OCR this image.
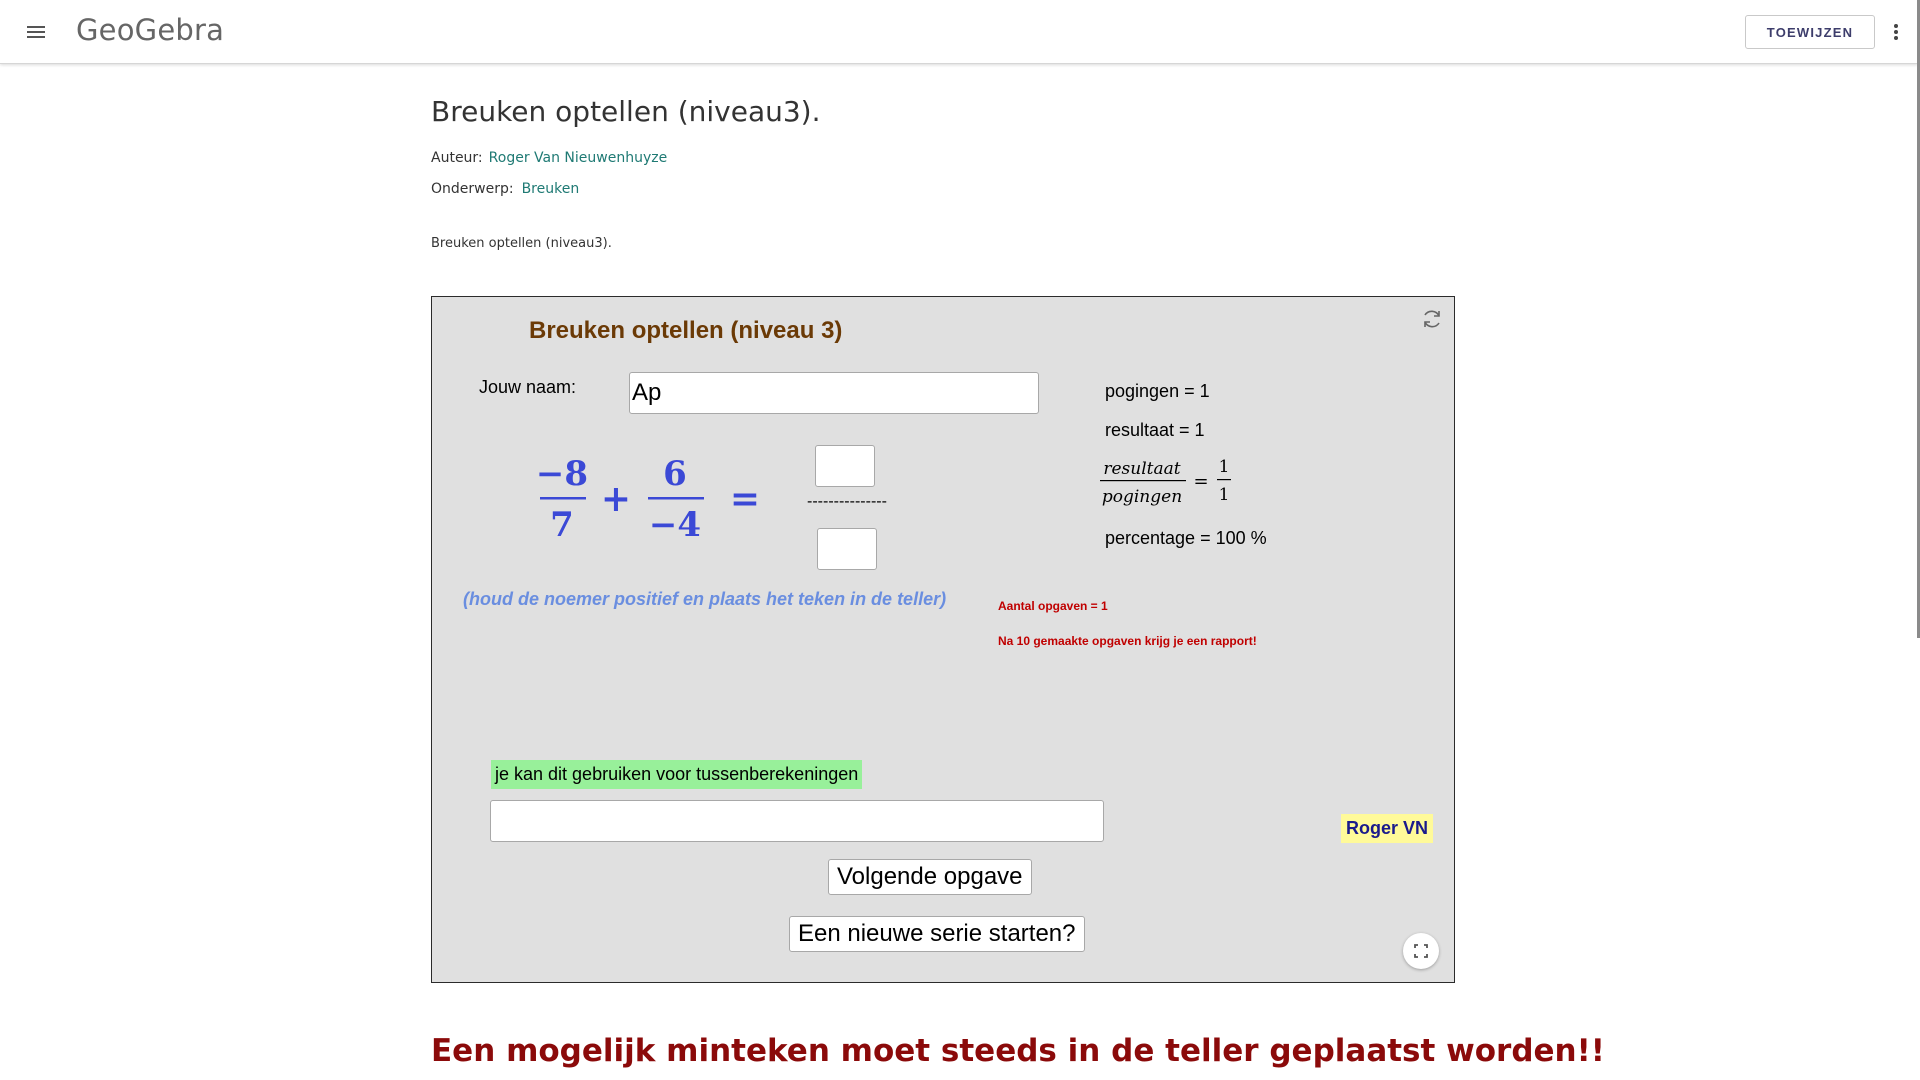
GeoGebra	TOEWIJZEN
Breuken optellen (niveau3).
Auteur: Roger Van Nieuwenhuyze
Onderwerp: Breuken
Breuken optellen (niveau3).
Breuken optellen (niveau 3)
Jouw naam:
Ap
−8
7
+
6
−4
=	---------------
pogingen = 1
resultaat = 1
resultaat
pogingen
=
1
1
percentage = 100 %
(houd de noemer positief en plaats het teken in de teller)	Aantal opgaven = 1
Na 10 gemaakte opgaven krijg je een rapport!
je kan dit gebruiken voor tussenberekeningen
Roger VN
Volgende opgave
Een nieuwe serie starten?
Een mogelijk minteken moet steeds in de teller geplaatst worden!!
